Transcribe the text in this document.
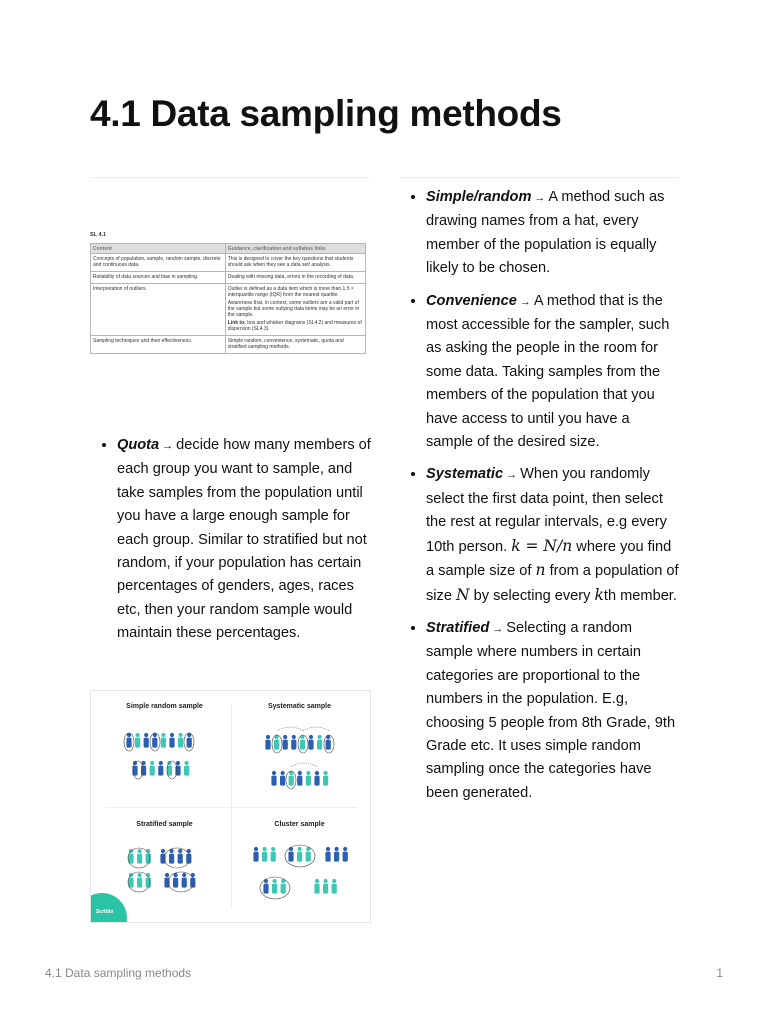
4.1 Data sampling methods
SL 4.1
Content	Guidance, clarification and syllabus links
Concepts of population, sample, random sample, discrete and continuous data.	This is designed to cover the key questions that students should ask when they see a data set/ analysis.

Reliability of data sources and bias in sampling.	Dealing with missing data, errors in the recording of data.

Interpretation of outliers.	Outlier is defined as a data item which is more than 1.5 × interquartile range (IQR) from the nearest quartile.

Awareness that, in context, some outliers are a valid part of the sample but some outlying data items may be an error in the sample.

Link to: box and whisker diagrams (SL4.2) and measures of dispersion (SL4.3).

Sampling techniques and their effectiveness.	Simple random, convenience, systematic, quota and stratified sampling methods.

• Quota → decide how many members of each group you want to sample, and take samples from the population until you have a large enough sample for each group. Similar to stratified but not random, if your population has certain percentages of genders, ages, races etc, then your random sample would maintain these percentages.
• Simple/random → A method such as drawing names from a hat, every member of the population is equally likely to be chosen.
• Convenience → A method that is the most accessible for the sampler, such as asking the people in the room for some data. Taking samples from the members of the population that you have access to until you have a sample of the desired size.
• Systematic → When you randomly select the first data point, then select the rest at regular intervals, e.g every 10th person. k = N/n where you find a sample size of n from a population of size N by selecting every kth member.
• Stratified → Selecting a random sample where numbers in certain categories are proportional to the numbers in the population. E.g, choosing 5 people from 8th Grade, 9th Grade etc. It uses simple random sampling once the categories have been generated.
Simple random sample	Systematic sample
Stratified sample	Cluster sample
Scribbr
4.1 Data sampling methods	1
